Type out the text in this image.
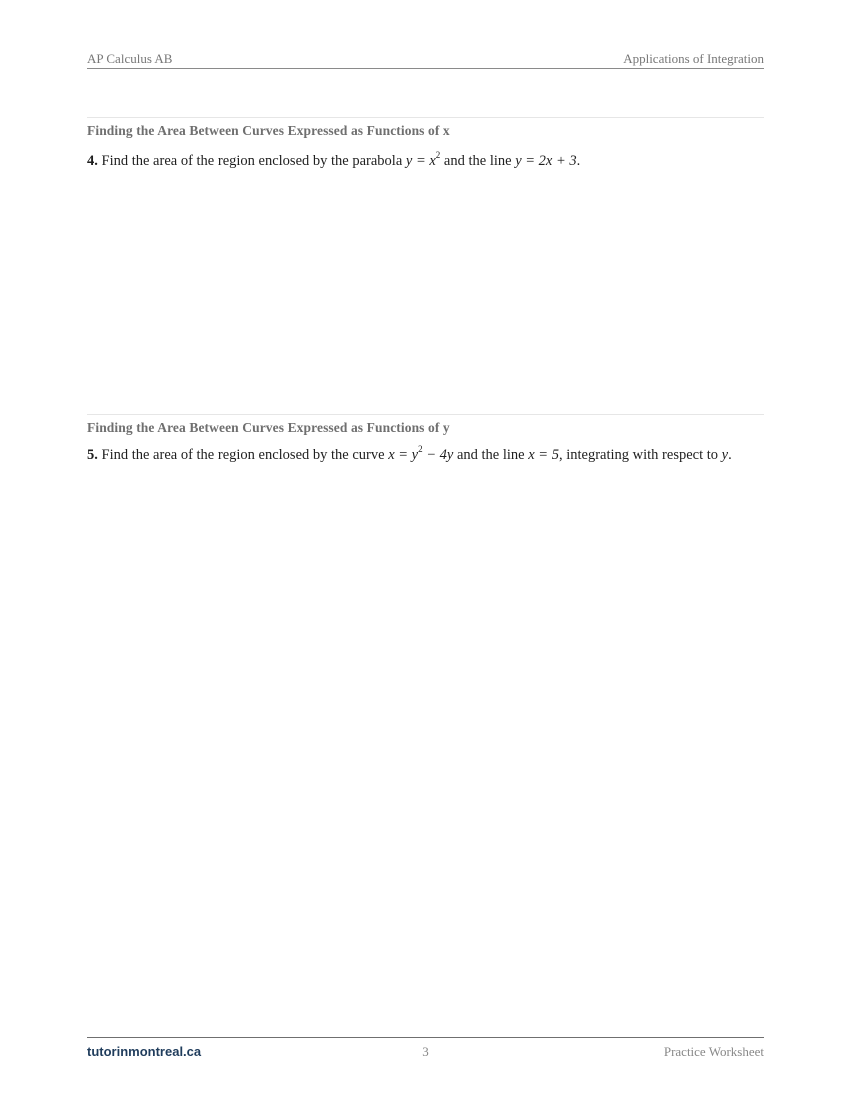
AP Calculus AB	Applications of Integration
Finding the Area Between Curves Expressed as Functions of x
4. Find the area of the region enclosed by the parabola $y = x^2$ and the line y = 2x + 3.
Finding the Area Between Curves Expressed as Functions of y
5. Find the area of the region enclosed by the curve $x = y^2 - 4y$ and the line x = 5, integrating with respect to y.
tutorinmontreal.ca	3	Practice Worksheet
